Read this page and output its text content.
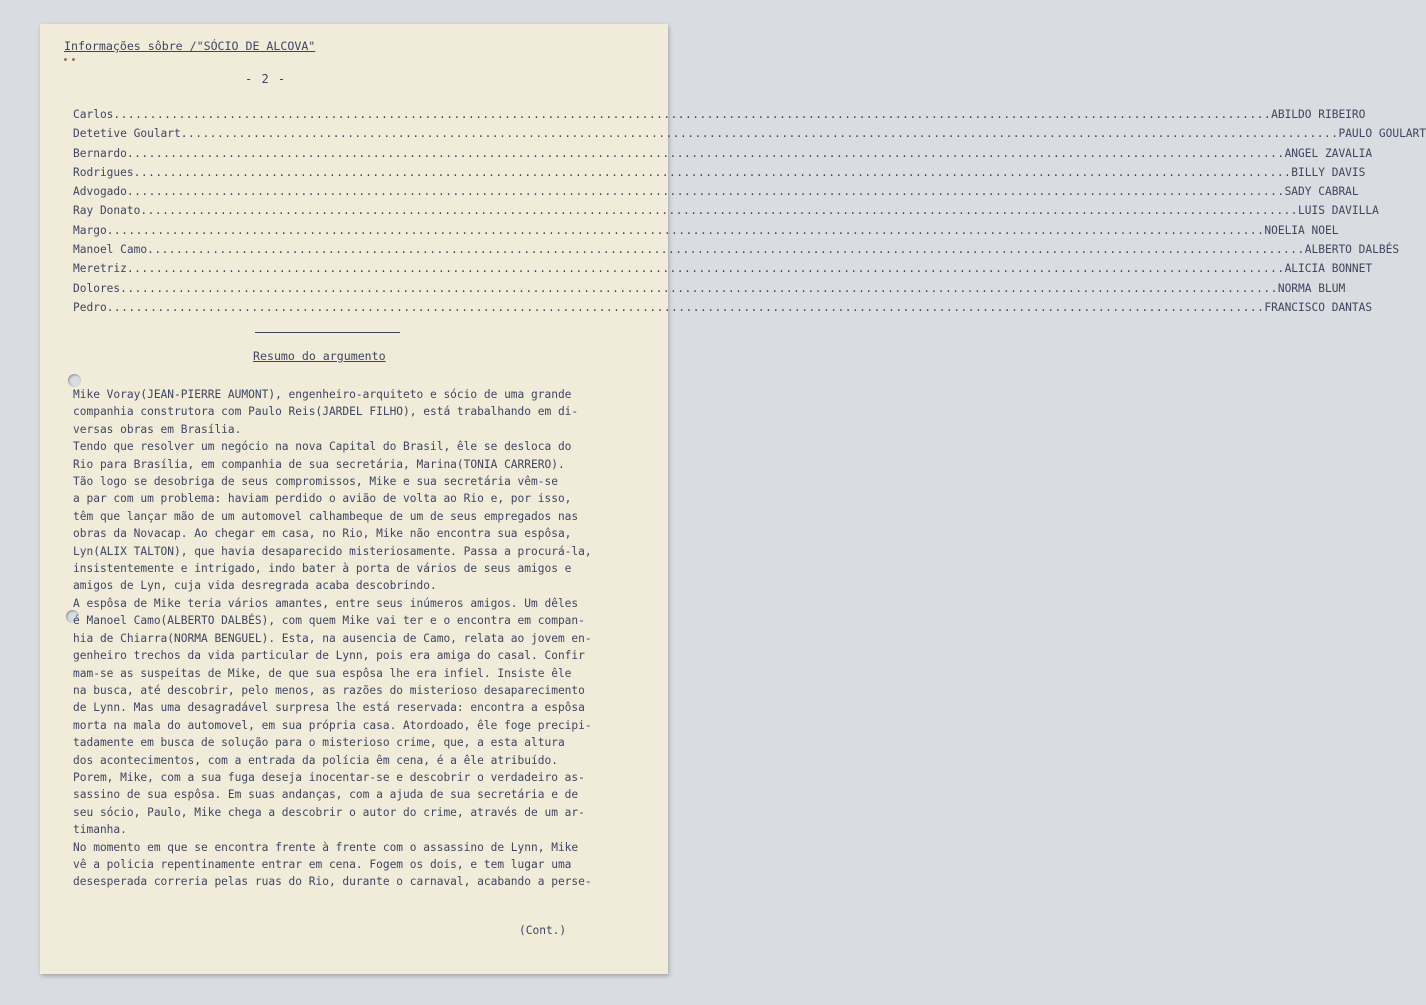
Informações sôbre /"SÓCIO DE ALCOVA"
- 2 -
Carlos ................................................................................................................................................................ ABILDO RIBEIRO
Detetive Goulart ................................................................................................................................................................ PAULO GOULART
Bernardo ................................................................................................................................................................ ANGEL ZAVALIA
Rodrigues ................................................................................................................................................................ BILLY DAVIS
Advogado ................................................................................................................................................................ SADY CABRAL
Ray Donato ................................................................................................................................................................ LUIS DAVILLA
Margo ................................................................................................................................................................ NOELIA NOEL
Manoel Camo ................................................................................................................................................................ ALBERTO DALBÉS
Meretriz ................................................................................................................................................................ ALICIA BONNET
Dolores ................................................................................................................................................................ NORMA BLUM
Pedro ................................................................................................................................................................ FRANCISCO DANTAS
Resumo do argumento
Mike Voray(JEAN-PIERRE AUMONT), engenheiro-arquiteto e sócio de uma grande
companhia construtora com Paulo Reis(JARDEL FILHO), está trabalhando em di-
versas obras em Brasília.
Tendo que resolver um negócio na nova Capital do Brasil, êle se desloca do
Rio para Brasília, em companhia de sua secretária, Marina(TONIA CARRERO).
Tão logo se desobriga de seus compromissos, Mike e sua secretária vêm-se
a par com um problema: haviam perdido o avião de volta ao Rio e, por isso,
têm que lançar mão de um automovel calhambeque de um de seus empregados nas
obras da Novacap. Ao chegar em casa, no Rio, Mike não encontra sua espôsa,
Lyn(ALIX TALTON), que havia desaparecido misteriosamente. Passa a procurá-la,
insistentemente e intrigado, indo bater à porta de vários de seus amigos e
amigos de Lyn, cuja vida desregrada acaba descobrindo.
A espôsa de Mike teria vários amantes, entre seus inúmeros amigos. Um dêles
é Manoel Camo(ALBERTO DALBÉS), com quem Mike vai ter e o encontra em compan-
hia de Chiarra(NORMA BENGUEL). Esta, na ausencia de Camo, relata ao jovem en-
genheiro trechos da vida particular de Lynn, pois era amiga do casal. Confir
mam-se as suspeitas de Mike, de que sua espôsa lhe era infiel. Insiste êle
na busca, até descobrir, pelo menos, as razões do misterioso desaparecimento
de Lynn. Mas uma desagradável surpresa lhe está reservada: encontra a espôsa
morta na mala do automovel, em sua própria casa. Atordoado, êle foge precipi-
tadamente em busca de solução para o misterioso crime, que, a esta altura
dos acontecimentos, com a entrada da polícia êm cena, é a êle atribuído.
Porem, Mike, com a sua fuga deseja inocentar-se e descobrir o verdadeiro as-
sassino de sua espôsa. Em suas andanças, com a ajuda de sua secretária e de
seu sócio, Paulo, Mike chega a descobrir o autor do crime, através de um ar-
timanha.
No momento em que se encontra frente à frente com o assassino de Lynn, Mike
vê a policia repentinamente entrar em cena. Fogem os dois, e tem lugar uma
desesperada correria pelas ruas do Rio, durante o carnaval, acabando a perse-
(Cont.)
